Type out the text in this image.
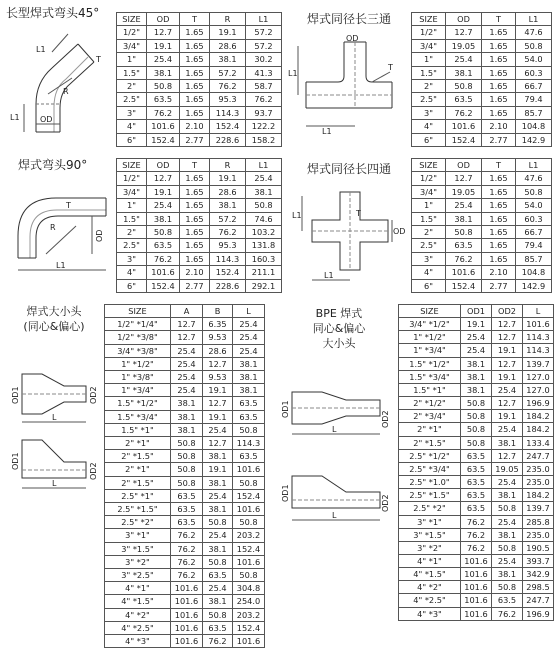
长型焊式弯头45°
L1
R
T
L1	OD
SIZE	OD	T	R	L1
1/2"	12.7	1.65	19.1	57.2
3/4"	19.1	1.65	28.6	57.2
1"	25.4	1.65	38.1	30.2
1.5"	38.1	1.65	57.2	41.3
2"	50.8	1.65	76.2	58.7
2.5"	63.5	1.65	95.3	76.2
3"	76.2	1.65	114.3	93.7
4"	101.6	2.10	152.4	122.2
6"	152.4	2.77	228.6	158.2
焊式同径长三通
OD
T
L1
L1
SIZE	OD	T	L1
1/2"	12.7	1.65	47.6
3/4"	19.05	1.65	50.8
1"	25.4	1.65	54.0
1.5"	38.1	1.65	60.3
2"	50.8	1.65	66.7
2.5"	63.5	1.65	79.4
3"	76.2	1.65	85.7
4"	101.6	2.10	104.8
6"	152.4	2.77	142.9
焊式弯头90°
R
T
OD
L1
SIZE	OD	T	R	L1
1/2"	12.7	1.65	19.1	25.4
3/4"	19.1	1.65	28.6	38.1
1"	25.4	1.65	38.1	50.8
1.5"	38.1	1.65	57.2	74.6
2"	50.8	1.65	76.2	103.2
2.5"	63.5	1.65	95.3	131.8
3"	76.2	1.65	114.3	160.3
4"	101.6	2.10	152.4	211.1
6"	152.4	2.77	228.6	292.1
焊式同径长四通
T
OD
L1
L1
SIZE	OD	T	L1
1/2"	12.7	1.65	47.6
3/4"	19.05	1.65	50.8
1"	25.4	1.65	54.0
1.5"	38.1	1.65	60.3
2"	50.8	1.65	66.7
2.5"	63.5	1.65	79.4
3"	76.2	1.65	85.7
4"	101.6	2.10	104.8
6"	152.4	2.77	142.9
焊式大小头
(同心&偏心)
OD1	OD2
L
OD1
OD2
L
SIZE	A	B	L
1/2" *1/4"	12.7	6.35	25.4
1/2" *3/8"	12.7	9.53	25.4
3/4" *3/8"	25.4	28.6	25.4
1" *1/2"	25.4	12.7	38.1
1" *3/8"	25.4	9.53	38.1
1" *3/4"	25.4	19.1	38.1
1.5" *1/2"	38.1	12.7	63.5
1.5" *3/4"	38.1	19.1	63.5
1.5" *1"	38.1	25.4	50.8
2" *1"	50.8	12.7	114.3
2" *1.5"	50.8	38.1	63.5
2" *1"	50.8	19.1	101.6
2" *1.5"	50.8	38.1	50.8
2.5" *1"	63.5	25.4	152.4
2.5" *1.5"	63.5	38.1	101.6
2.5" *2"	63.5	50.8	50.8
3" *1"	76.2	25.4	203.2
3" *1.5"	76.2	38.1	152.4
3" *2"	76.2	50.8	101.6
3" *2.5"	76.2	63.5	50.8
4" *1"	101.6	25.4	304.8
4" *1.5"	101.6	38.1	254.0
4" *2"	101.6	50.8	203.2
4" *2.5"	101.6	63.5	152.4
4" *3"	101.6	76.2	101.6
BPE 焊式
同心&偏心
大小头
OD1
OD2
L
OD1
OD2
L
SIZE	OD1	OD2	L
3/4" *1/2"	19.1	12.7	101.6
1" *1/2"	25.4	12.7	114.3
1" *3/4"	25.4	19.1	114.3
1.5" *1/2"	38.1	12.7	139.7
1.5" *3/4"	38.1	19.1	127.0
1.5" *1"	38.1	25.4	127.0
2" *1/2"	50.8	12.7	196.9
2" *3/4"	50.8	19.1	184.2
2" *1"	50.8	25.4	184.2
2" *1.5"	50.8	38.1	133.4
2.5" *1/2"	63.5	12.7	247.7
2.5" *3/4"	63.5	19.05	235.0
2.5" *1.0"	63.5	25.4	235.0
2.5" *1.5"	63.5	38.1	184.2
2.5" *2"	63.5	50.8	139.7
3" *1"	76.2	25.4	285.8
3" *1.5"	76.2	38.1	235.0
3" *2"	76.2	50.8	190.5
4" *1"	101.6	25.4	393.7
4" *1.5"	101.6	38.1	342.9
4" *2"	101.6	50.8	298.5
4" *2.5"	101.6	63.5	247.7
4" *3"	101.6	76.2	196.9
